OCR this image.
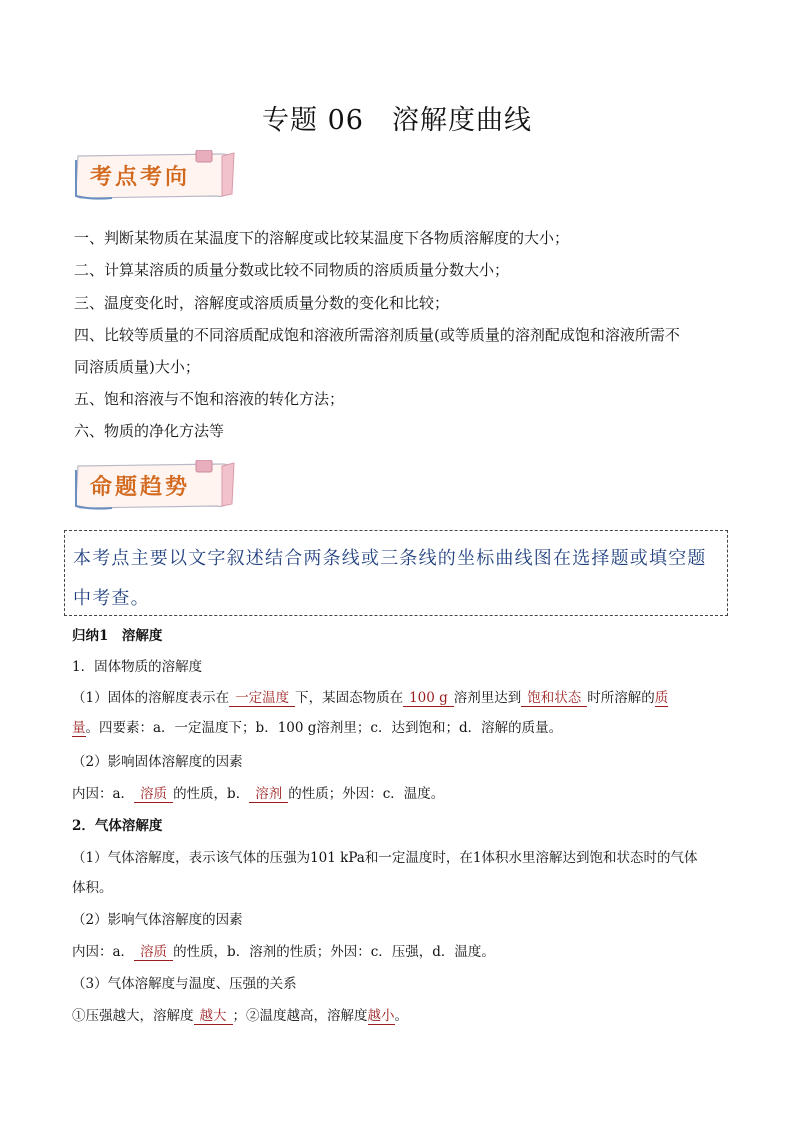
专题 06　溶解度曲线
考点考向
一、判断某物质在某温度下的溶解度或比较某温度下各物质溶解度的大小；
二、计算某溶质的质量分数或比较不同物质的溶质质量分数大小；
三、温度变化时，溶解度或溶质质量分数的变化和比较；
四、比较等质量的不同溶质配成饱和溶液所需溶剂质量(或等质量的溶剂配成饱和溶液所需不
同溶质质量)大小；
五、饱和溶液与不饱和溶液的转化方法；
六、物质的净化方法等
命题趋势
本考点主要以文字叙述结合两条线或三条线的坐标曲线图在选择题或填空题中考查。
归纳1　溶解度
1．固体物质的溶解度
（1）固体的溶解度表示在 一定温度 下，某固态物质在 100 g 溶剂里达到 饱和状态 时所溶解的质
量。四要素：a．一定温度下；b．100 g溶剂里；c．达到饱和；d．溶解的质量。
（2）影响固体溶解度的因素
内因：a． 溶质 的性质，b． 溶剂 的性质；外因：c．温度。
2．气体溶解度
（1）气体溶解度，表示该气体的压强为101 kPa和一定温度时，在1体积水里溶解达到饱和状态时的气体
体积。
（2）影响气体溶解度的因素
内因：a． 溶质 的性质，b．溶剂的性质；外因：c．压强，d．温度。
（3）气体溶解度与温度、压强的关系
①压强越大，溶解度 越大 ；②温度越高，溶解度越小。
